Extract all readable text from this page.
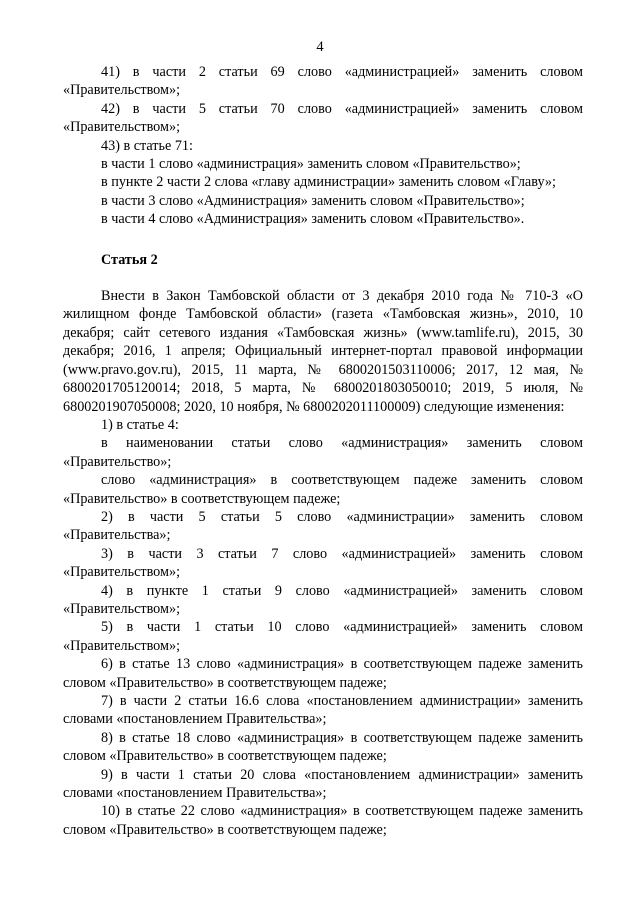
4

41) в части 2 статьи 69 слово «администрацией» заменить словом «Правительством»;

42) в части 5 статьи 70 слово «администрацией» заменить словом «Правительством»;

43) в статье 71:

в части 1 слово «администрация» заменить словом «Правительство»;

в пункте 2 части 2 слова «главу администрации» заменить словом «Главу»;

в части 3 слово «Администрация» заменить словом «Правительство»;

в части 4 слово «Администрация» заменить словом «Правительство».

Статья 2

Внести в Закон Тамбовской области от 3 декабря 2010 года № 710-З «О жилищном фонде Тамбовской области» (газета «Тамбовская жизнь», 2010, 10 декабря; сайт сетевого издания «Тамбовская жизнь» (www.tamlife.ru), 2015, 30 декабря; 2016, 1 апреля; Официальный интернет-портал правовой информации (www.pravo.gov.ru), 2015, 11 марта, № 6800201503110006; 2017, 12 мая, № 6800201705120014; 2018, 5 марта, № 6800201803050010; 2019, 5 июля, № 6800201907050008; 2020, 10 ноября, № 6800202011100009) следующие изменения:

1) в статье 4:

в наименовании статьи слово «администрация» заменить словом «Правительство»;

слово «администрация» в соответствующем падеже заменить словом «Правительство» в соответствующем падеже;

2) в части 5 статьи 5 слово «администрации» заменить словом «Правительства»;

3) в части 3 статьи 7 слово «администрацией» заменить словом «Правительством»;

4) в пункте 1 статьи 9 слово «администрацией» заменить словом «Правительством»;

5) в части 1 статьи 10 слово «администрацией» заменить словом «Правительством»;

6) в статье 13 слово «администрация» в соответствующем падеже заменить словом «Правительство» в соответствующем падеже;

7) в части 2 статьи 16.6 слова «постановлением администрации» заменить словами «постановлением Правительства»;

8) в статье 18 слово «администрация» в соответствующем падеже заменить словом «Правительство» в соответствующем падеже;

9) в части 1 статьи 20 слова «постановлением администрации» заменить словами «постановлением Правительства»;

10) в статье 22 слово «администрация» в соответствующем падеже заменить словом «Правительство» в соответствующем падеже;
